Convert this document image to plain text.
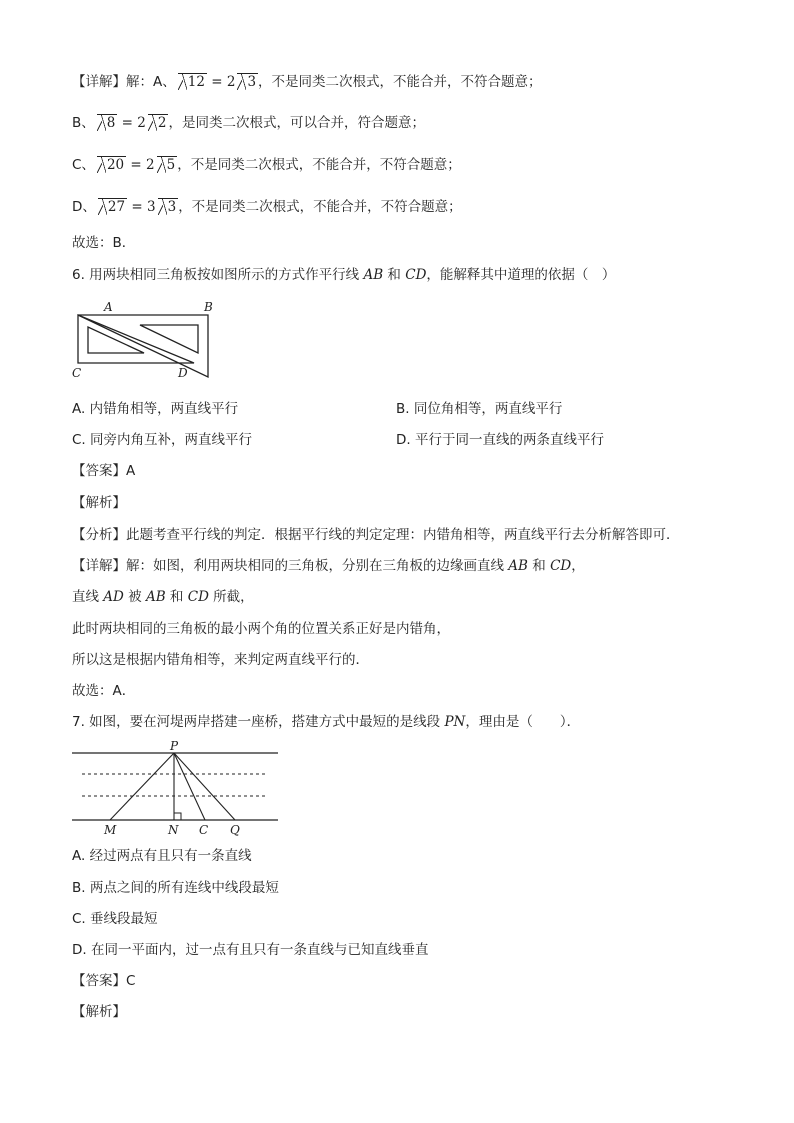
【详解】解：A、 12 = 2 3 ，不是同类二次根式，不能合并，不符合题意；
B、 8 = 2 2 ，是同类二次根式，可以合并，符合题意；
C、 20 = 2 5 ，不是同类二次根式，不能合并，不符合题意；
D、 27 = 3 3 ，不是同类二次根式，不能合并，不符合题意；
故选：B．
6. 用两块相同三角板按如图所示的方式作平行线 AB 和 CD，能解释其中道理的依据（　）
A	B
C	D
A. 内错角相等，两直线平行	B. 同位角相等，两直线平行
C. 同旁内角互补，两直线平行	D. 平行于同一直线的两条直线平行
【答案】A
【解析】
【分析】此题考查平行线的判定．根据平行线的判定定理：内错角相等，两直线平行去分析解答即可．
【详解】解：如图，利用两块相同的三角板，分别在三角板的边缘画直线 AB 和 CD，
直线 AD 被 AB 和 CD 所截，
此时两块相同的三角板的最小两个角的位置关系正好是内错角，
所以这是根据内错角相等，来判定两直线平行的．
故选：A．
7. 如图，要在河堤两岸搭建一座桥，搭建方式中最短的是线段 PN，理由是（　　）．
P
M	N C Q
A. 经过两点有且只有一条直线
B. 两点之间的所有连线中线段最短
C. 垂线段最短
D. 在同一平面内，过一点有且只有一条直线与已知直线垂直
【答案】C
【解析】
